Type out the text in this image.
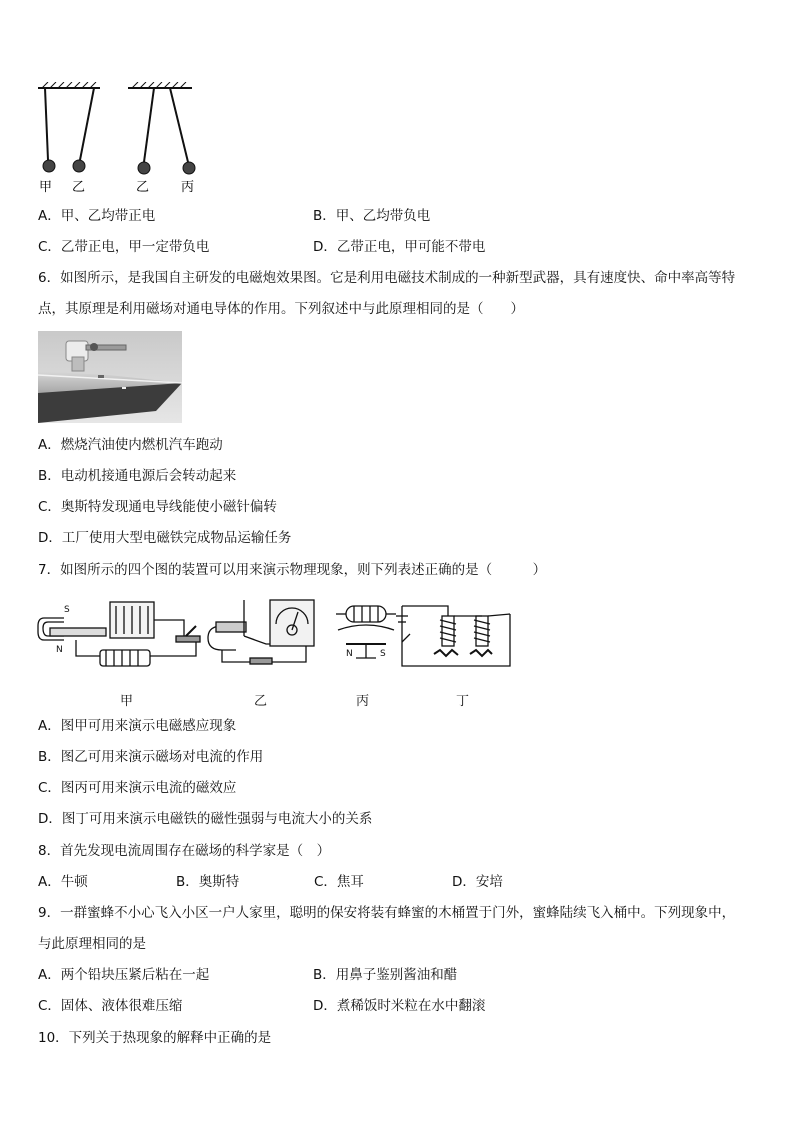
甲 乙	乙 丙
A．甲、乙均带正电	B．甲、乙均带负电
C．乙带正电，甲一定带负电	D．乙带正电，甲可能不带电
6．如图所示，是我国自主研发的电磁炮效果图。它是利用电磁技术制成的一种新型武器，具有速度快、命中率高等特
点，其原理是利用磁场对通电导体的作用。下列叙述中与此原理相同的是（　　）
A．燃烧汽油使内燃机汽车跑动
B．电动机接通电源后会转动起来
C．奥斯特发现通电导线能使小磁针偏转
D．工厂使用大型电磁铁完成物品运输任务
7．如图所示的四个图的装置可以用来演示物理现象，则下列表述正确的是（　　　）
S
N	N	S
甲	乙	丙	丁
A．图甲可用来演示电磁感应现象
B．图乙可用来演示磁场对电流的作用
C．图丙可用来演示电流的磁效应
D．图丁可用来演示电磁铁的磁性强弱与电流大小的关系
8．首先发现电流周围存在磁场的科学家是（　）
A．牛顿	B．奥斯特	C．焦耳	D．安培
9．一群蜜蜂不小心飞入小区一户人家里，聪明的保安将装有蜂蜜的木桶置于门外，蜜蜂陆续飞入桶中。下列现象中，
与此原理相同的是
A．两个铅块压紧后粘在一起	B．用鼻子鉴别酱油和醋
C．固体、液体很难压缩	D．煮稀饭时米粒在水中翻滚
10．下列关于热现象的解释中正确的是
